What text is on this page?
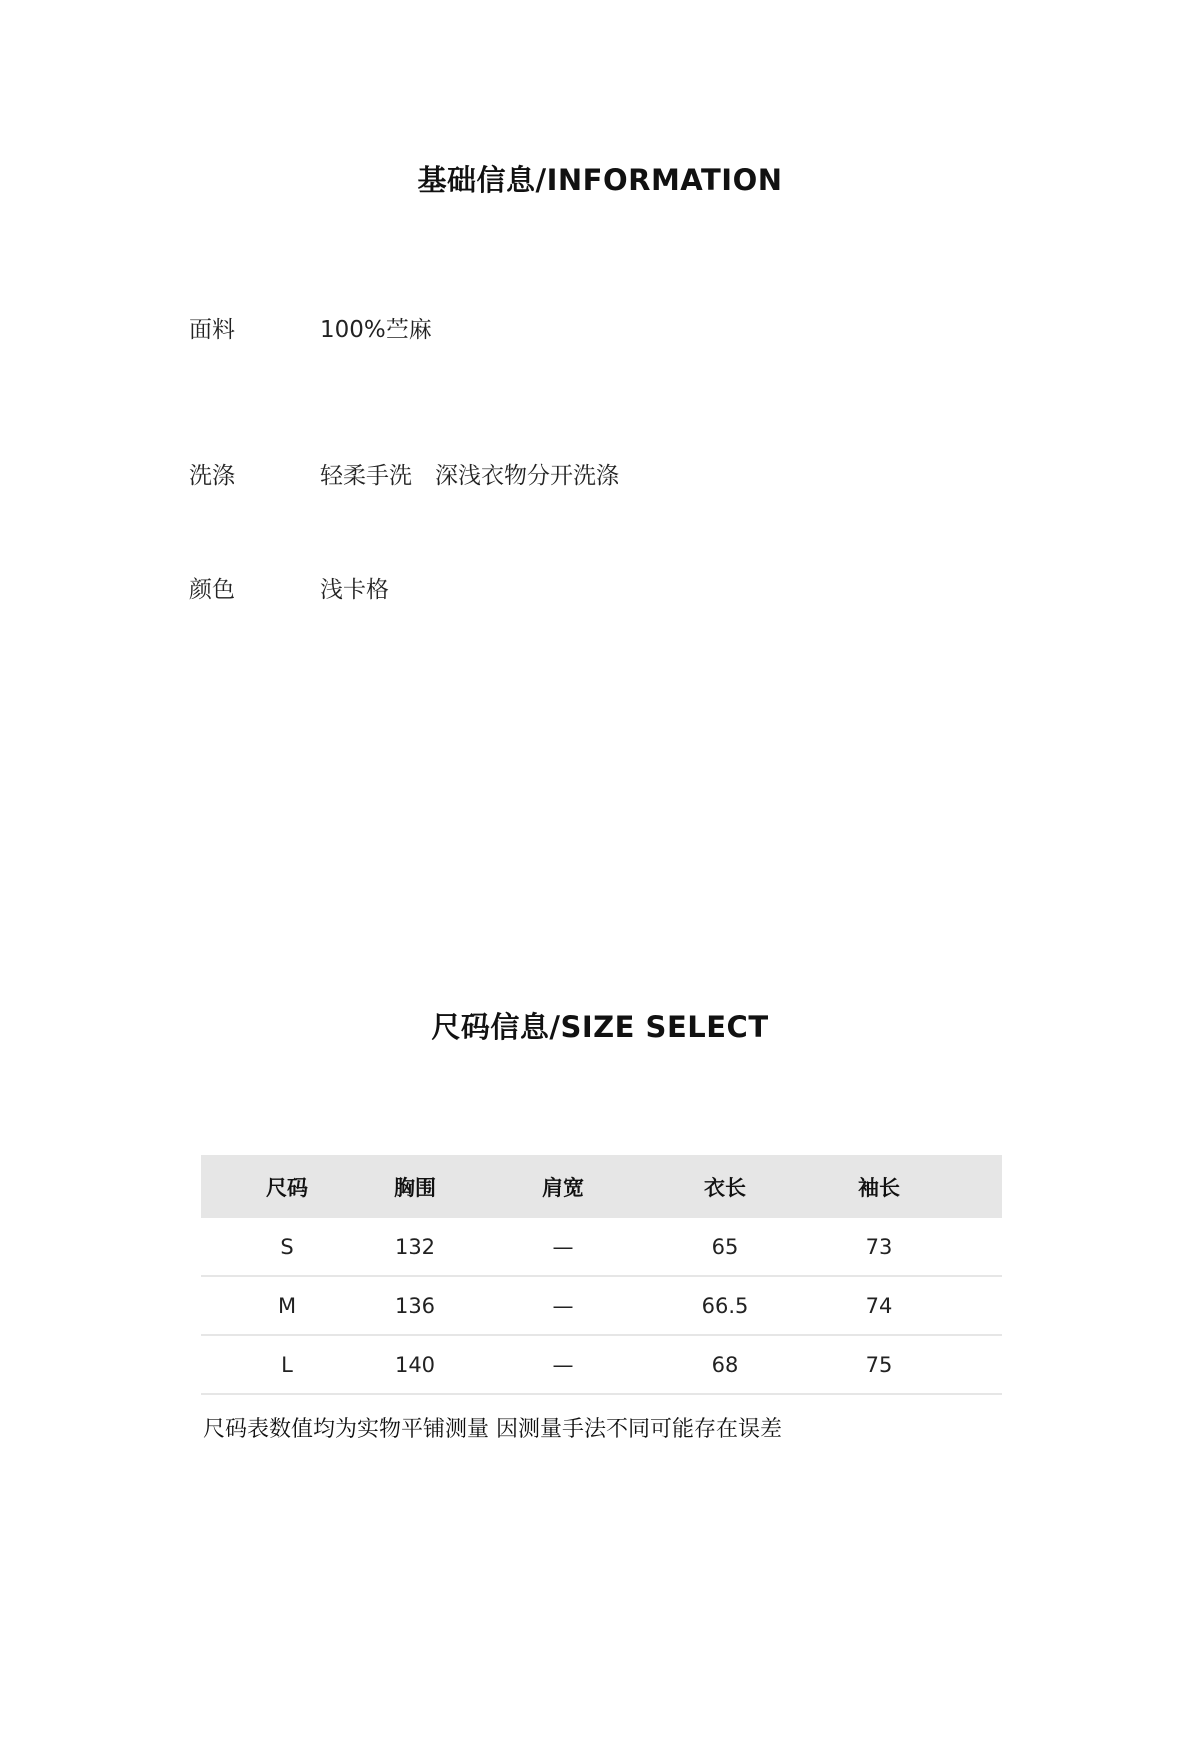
基础信息/INFORMATION
面料	100%苎麻
洗涤	轻柔手洗　深浅衣物分开洗涤
颜色	浅卡格
尺码信息/SIZE SELECT
尺码	胸围	肩宽	衣长	袖长
S	132	—	65	73
M	136	—	66.5	74
L	140	—	68	75
尺码表数值均为实物平铺测量 因测量手法不同可能存在误差
